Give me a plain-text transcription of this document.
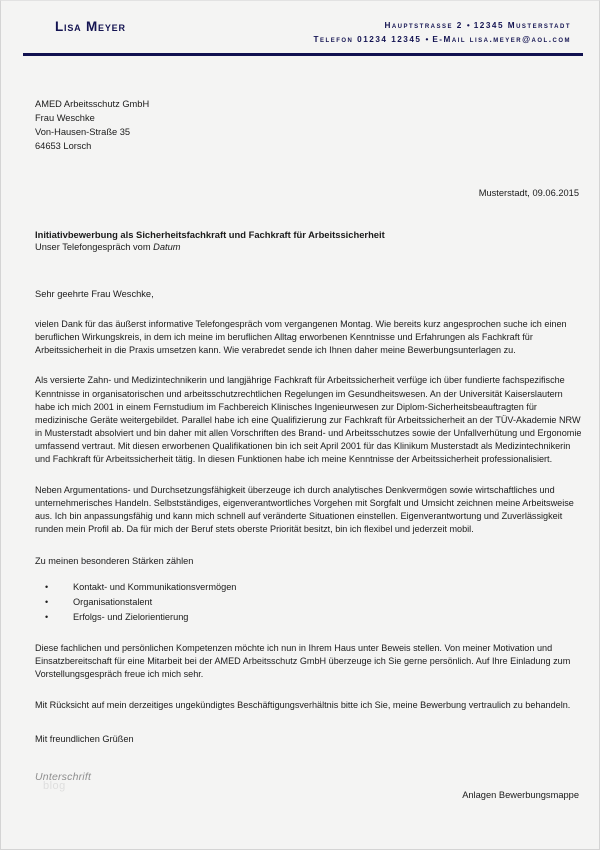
Lisa Meyer	Hauptstrasse 2 • 12345 Musterstadt
Telefon 01234 12345 • E-Mail lisa.meyer@aol.com
AMED Arbeitsschutz GmbH
Frau Weschke
Von-Hausen-Straße 35
64653 Lorsch
Musterstadt, 09.06.2015
Initiativbewerbung als Sicherheitsfachkraft und Fachkraft für Arbeitssicherheit
Unser Telefongespräch vom Datum
Sehr geehrte Frau Weschke,

vielen Dank für das äußerst informative Telefongespräch vom vergangenen Montag. Wie bereits kurz angesprochen suche ich einen beruflichen Wirkungskreis, in dem ich meine im beruflichen Alltag erworbenen Kenntnisse und Erfahrungen als Fachkraft für Arbeitssicherheit in die Praxis umsetzen kann. Wie verabredet sende ich Ihnen daher meine Bewerbungsunterlagen zu.

Als versierte Zahn- und Medizintechnikerin und langjährige Fachkraft für Arbeitssicherheit verfüge ich über fundierte fachspezifische Kenntnisse in organisatorischen und arbeitsschutzrechtlichen Regelungen im Gesundheitswesen. An der Universität Kaiserslautern habe ich mich 2001 in einem Fernstudium im Fachbereich Klinisches Ingenieurwesen zur Diplom-Sicherheitsbeauftragten für medizinische Geräte weitergebildet. Parallel habe ich eine Qualifizierung zur Fachkraft für Arbeitssicherheit an der TÜV-Akademie NRW in Musterstadt absolviert und bin daher mit allen Vorschriften des Brand- und Arbeitsschutzes sowie der Unfallverhütung und Ergonomie umfassend vertraut. Mit diesen erworbenen Qualifikationen bin ich seit April 2001 für das Klinikum Musterstadt als Medizintechnikerin und Fachkraft für Arbeitssicherheit tätig. In diesen Funktionen habe ich meine Kenntnisse der Arbeitssicherheit professionalisiert.

Neben Argumentations- und Durchsetzungsfähigkeit überzeuge ich durch analytisches Denkvermögen sowie wirtschaftliches und unternehmerisches Handeln. Selbstständiges, eigenverantwortliches Vorgehen mit Sorgfalt und Umsicht zeichnen meine Arbeitsweise aus. Ich bin anpassungsfähig und kann mich schnell auf veränderte Situationen einstellen. Eigenverantwortung und Zuverlässigkeit runden mein Profil ab. Da für mich der Beruf stets oberste Priorität besitzt, bin ich flexibel und jederzeit mobil.

Zu meinen besonderen Stärken zählen
•	Kontakt- und Kommunikationsvermögen
•	Organisationstalent
•	Erfolgs- und Zielorientierung

Diese fachlichen und persönlichen Kompetenzen möchte ich nun in Ihrem Haus unter Beweis stellen. Von meiner Motivation und Einsatzbereitschaft für eine Mitarbeit bei der AMED Arbeitsschutz GmbH überzeuge ich Sie gerne persönlich. Auf Ihre Einladung zum Vorstellungsgespräch freue ich mich sehr.

Mit Rücksicht auf mein derzeitiges ungekündigtes Beschäftigungsverhältnis bitte ich Sie, meine Bewerbung vertraulich zu behandeln.

Mit freundlichen Grüßen
blog
Unterschrift
Anlagen Bewerbungsmappe
